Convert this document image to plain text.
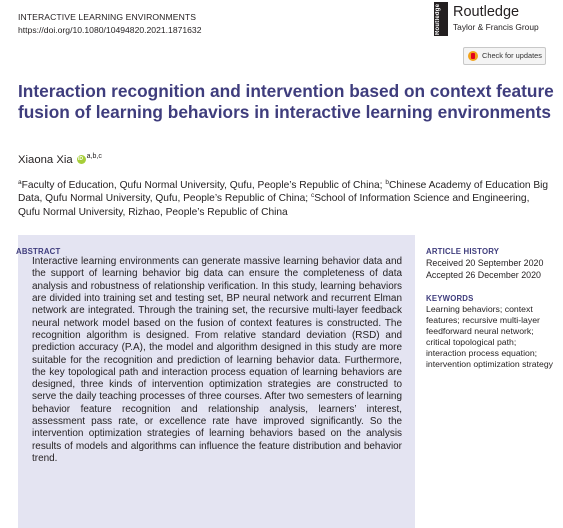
INTERACTIVE LEARNING ENVIRONMENTS
https://doi.org/10.1080/10494820.2021.1871632	Routledge Routledge
Taylor & Francis Group
Check for updates
Interaction recognition and intervention based on context feature fusion of learning behaviors in interactive learning environments
Xiaona XiaiD $^{a,b,c}$
$^a$Faculty of Education, Qufu Normal University, Qufu, People’s Republic of China; $^b$Chinese Academy of Education Big Data, Qufu Normal University, Qufu, People’s Republic of China; $^c$School of Information Science and Engineering, Qufu Normal University, Rizhao, People’s Republic of China
ABSTRACT

Interactive learning environments can generate massive learning behavior data and the support of learning behavior big data can ensure the completeness of data analysis and robustness of relationship verification. In this study, learning behaviors are divided into training set and testing set, BP neural network and recurrent Elman network are integrated. Through the training set, the recursive multi-layer feedback neural network model based on the fusion of context features is constructed. The recognition algorithm is designed. From relative standard deviation (RSD) and prediction accuracy (P.A), the model and algorithm designed in this study are more suitable for the recognition and prediction of learning behavior data. Furthermore, the key topological path and interaction process equation of learning behaviors are designed, three kinds of intervention optimization strategies are constructed to serve the daily teaching processes of three courses. After two semesters of learning behavior feature recognition and relationship analysis, learners’ interest, assessment pass rate, or excellence rate have improved significantly. So the intervention optimization strategies of learning behaviors based on the analysis results of models and algorithms can influence the feature distribution and behavior trend.

ARTICLE HISTORY
Received 20 September 2020
Accepted 26 December 2020
KEYWORDS

Learning behaviors; context features; recursive multi-layer feedforward neural network; critical topological path; interaction process equation; intervention optimization strategy
